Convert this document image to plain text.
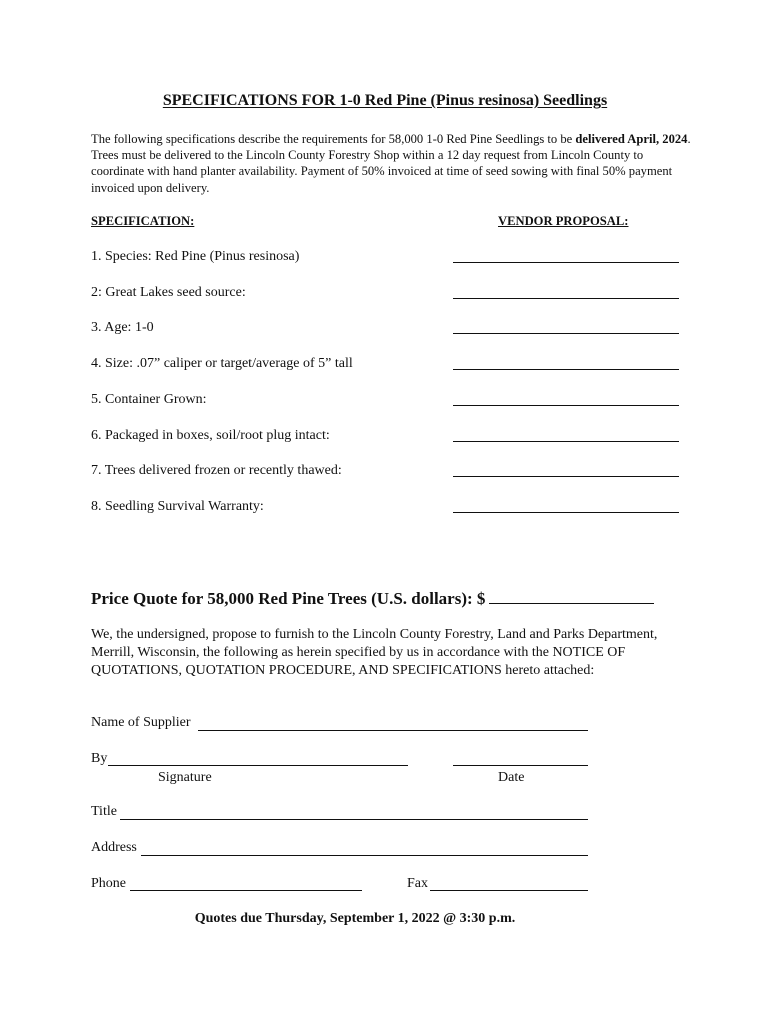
SPECIFICATIONS FOR 1-0 Red Pine (Pinus resinosa) Seedlings
The following specifications describe the requirements for 58,000 1-0 Red Pine Seedlings to be delivered April, 2024. Trees must be delivered to the Lincoln County Forestry Shop within a 12 day request from Lincoln County to coordinate with hand planter availability. Payment of 50% invoiced at time of seed sowing with final 50% payment invoiced upon delivery.
SPECIFICATION:	VENDOR PROPOSAL:
1. Species: Red Pine (Pinus resinosa)
2: Great Lakes seed source:
3. Age: 1-0
4. Size: .07” caliper or target/average of 5” tall
5. Container Grown:
6. Packaged in boxes, soil/root plug intact:
7. Trees delivered frozen or recently thawed:
8. Seedling Survival Warranty:
Price Quote for 58,000 Red Pine Trees (U.S. dollars): $
We, the undersigned, propose to furnish to the Lincoln County Forestry, Land and Parks Department, Merrill, Wisconsin, the following as herein specified by us in accordance with the NOTICE OF QUOTATIONS, QUOTATION PROCEDURE, AND SPECIFICATIONS hereto attached:
Name of Supplier
By
Signature	Date
Title
Address
Phone	Fax
Quotes due Thursday, September 1, 2022 @ 3:30 p.m.
